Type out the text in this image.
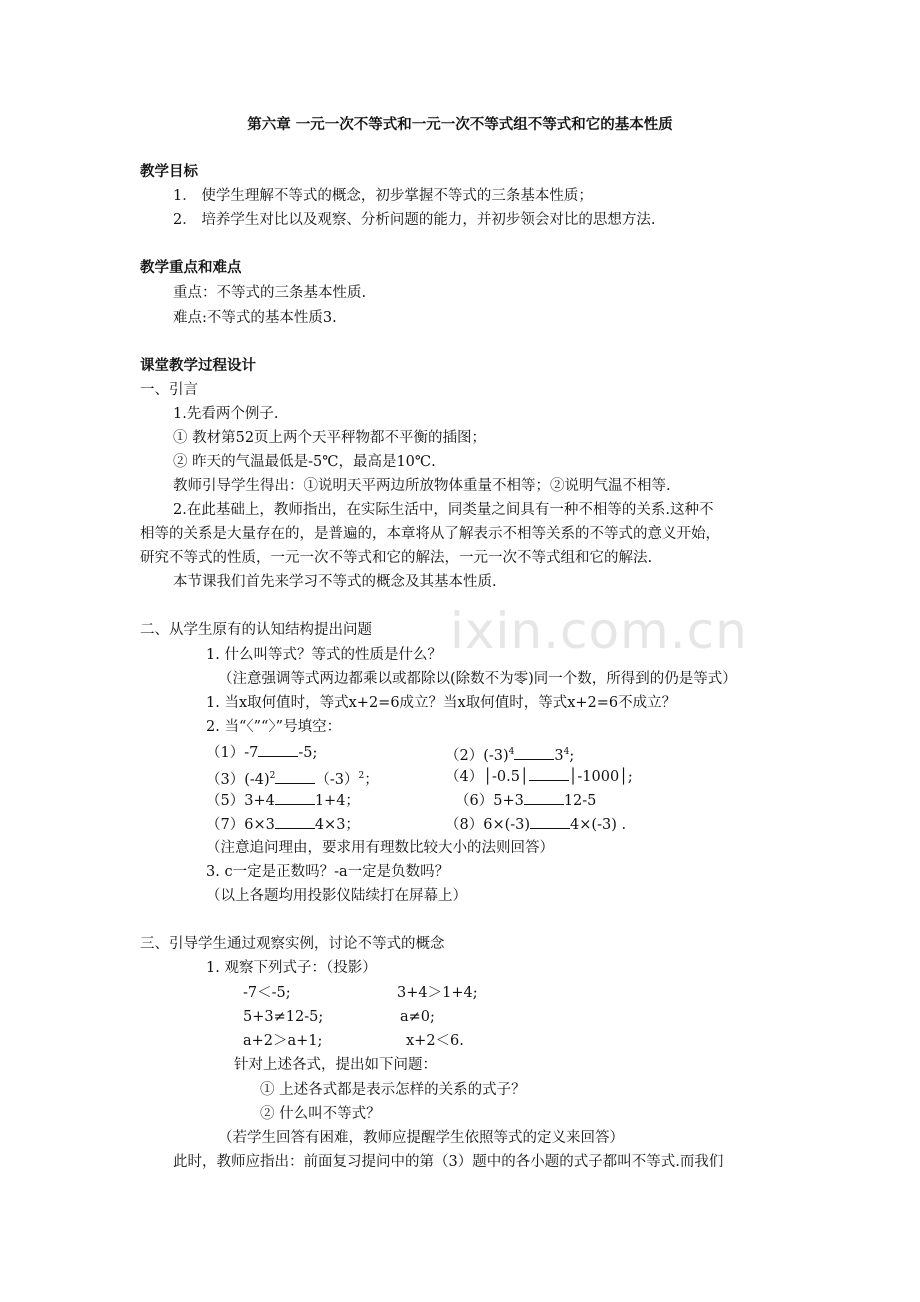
ixin.com.cn
第六章 一元一次不等式和一元一次不等式组不等式和它的基本性质
教学目标
1． 使学生理解不等式的概念，初步掌握不等式的三条基本性质；
2． 培养学生对比以及观察、分析问题的能力，并初步领会对比的思想方法.
教学重点和难点
重点：不等式的三条基本性质.
难点:不等式的基本性质3.
课堂教学过程设计
一、引言
1.先看两个例子.
① 教材第52页上两个天平秤物都不平衡的插图；
② 昨天的气温最低是-5℃，最高是10℃.
教师引导学生得出：①说明天平两边所放物体重量不相等；②说明气温不相等.
2.在此基础上，教师指出，在实际生活中，同类量之间具有一种不相等的关系.这种不
相等的关系是大量存在的，是普遍的，本章将从了解表示不相等关系的不等式的意义开始，
研究不等式的性质，一元一次不等式和它的解法，一元一次不等式组和它的解法.
本节课我们首先来学习不等式的概念及其基本性质.
二、从学生原有的认知结构提出问题
1. 什么叫等式？等式的性质是什么？
（注意强调等式两边都乘以或都除以(除数不为零)同一个数，所得到的仍是等式）
1. 当x取何值时，等式x+2=6成立？当x取何值时，等式x+2=6不成立？
2. 当“〈”“〉”号填空：
（1）-7	-5;	$(2)(-3)^4$	$3^4$;
$(3)(-4)^2$	$(-3)^2$；	（4）│-0.5│	│-1000│;
（5）3+4	1+4；	（6）5+3	12-5
（7）6×3	4×3；	（8）6×(-3)	4×(-3) .
（注意追问理由，要求用有理数比较大小的法则回答）
3. c一定是正数吗？-a一定是负数吗？
（以上各题均用投影仪陆续打在屏幕上）
三、引导学生通过观察实例，讨论不等式的概念
1. 观察下列式子：（投影）
-7＜-5;	3+4＞1+4;
5+3≠12-5;	a≠0;
a+2＞a+1;	x+2＜6.
针对上述各式，提出如下问题：
① 上述各式都是表示怎样的关系的式子？
② 什么叫不等式？
（若学生回答有困难，教师应提醒学生依照等式的定义来回答）
此时，教师应指出：前面复习提问中的第（3）题中的各小题的式子都叫不等式.而我们
